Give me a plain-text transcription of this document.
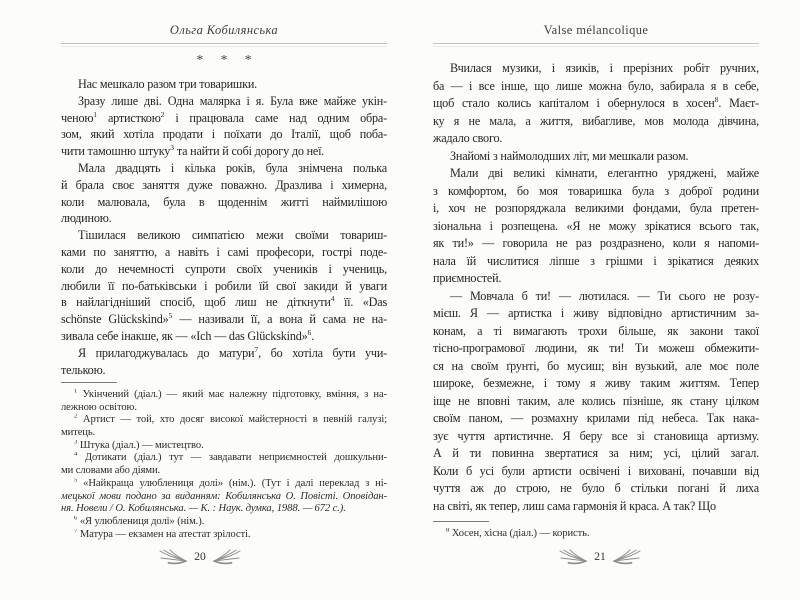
Ольга Кобилянська
* * *
Нас мешкало разом три товаришки.
Зразу лише дві. Одна малярка і я. Була вже майже укін-
ченою$^1$ артисткою$^2$ і працювала саме над одним обра-
зом, який хотіла продати і поїхати до Італії, щоб поба-
чити тамошню штуку$^3$ та найти й собі дорогу до неї.
Мала двадцять і кілька років, була знімчена полька
й брала своє заняття дуже поважно. Дразлива і химерна,
коли малювала, була в щоденнім житті наймилішою
людиною.
Тішилася великою симпатією межи своїми товариш-
ками по заняттю, а навіть і самі професори, гострі поде-
коли до нечемності супроти своїх учеників і учениць,
любили її по-батьківськи і робили їй свої закиди й уваги
в найлагідніший спосіб, щоб лиш не діткнути$^4$ її. «Das
schönste Glückskind»$^5$ — називали її, а вона й сама не на-
зивала себе інакше, як — «Ich — das Glückskind»$^6$.
Я прилагоджувалась до матури$^7$, бо хотіла бути учи-
телькою.
$^1$ Укінчений (діал.) — який має належну підготовку, вміння, з на-
лежною освітою.
$^2$ Артист — той, хто досяг високої майстерності в певній галузі;
митець.
$^3$ Штука (діал.) — мистецтво.
$^4$ Дотикати (діал.) тут — завдавати неприємностей дошкульни-
ми словами або діями.
$^5$ «Найкраща улюблениця долі» (нім.). (Тут і далі переклад з ні-
мецької мови подано за виданням: Кобилянська О. Повісті. Оповідан-
ня. Новели / О. Кобилянська. — К. : Наук. думка, 1988. — 672 с.).
$^6$ «Я улюблениця долі» (нім.).
$^7$ Матура — екзамен на атестат зрілості.
20
Valse mélancolique
Вчилася музики, і язиків, і прерізних робіт ручних,
ба — і все інше, що лише можна було, забирала я в себе,
щоб стало колись капіталом і обернулося в хосен$^8$. Маєт-
ку я не мала, а життя, вибагливе, мов молода дівчина,
жадало свого.
Знайомі з наймолодших літ, ми мешкали разом.
Мали дві великі кімнати, елегантно уряджені, майже
з комфортом, бо моя товаришка була з доброї родини
і, хоч не розпоряджала великими фондами, була претен-
зіональна і розпещена. «Я не можу зрікатися всього так,
як ти!» — говорила не раз роздразнено, коли я напоми-
нала їй числитися ліпше з грішми і зрікатися деяких
приємностей.
— Мовчала б ти! — лютилася. — Ти сього не розу-
мієш. Я — артистка і живу відповідно артистичним за-
конам, а ті вимагають трохи більше, як закони такої
тісно-програмової людини, як ти! Ти можеш обмежити-
ся на своїм ґрунті, бо мусиш; він вузький, але моє поле
широке, безмежне, і тому я живу таким життям. Тепер
іще не вповні таким, але колись пізніше, як стану цілком
своїм паном, — розмахну крилами під небеса. Так нака-
зує чуття артистичне. Я беру все зі становища артизму.
А й ти повинна звертатися за ним; усі, цілий загал.
Коли б усі були артисти освічені і виховані, почавши від
чуття аж до строю, не було б стільки погані й лиха
на світі, як тепер, лиш сама гармонія й краса. А так? Що
$^8$ Хосен, хісна (діал.) — користь.
21
